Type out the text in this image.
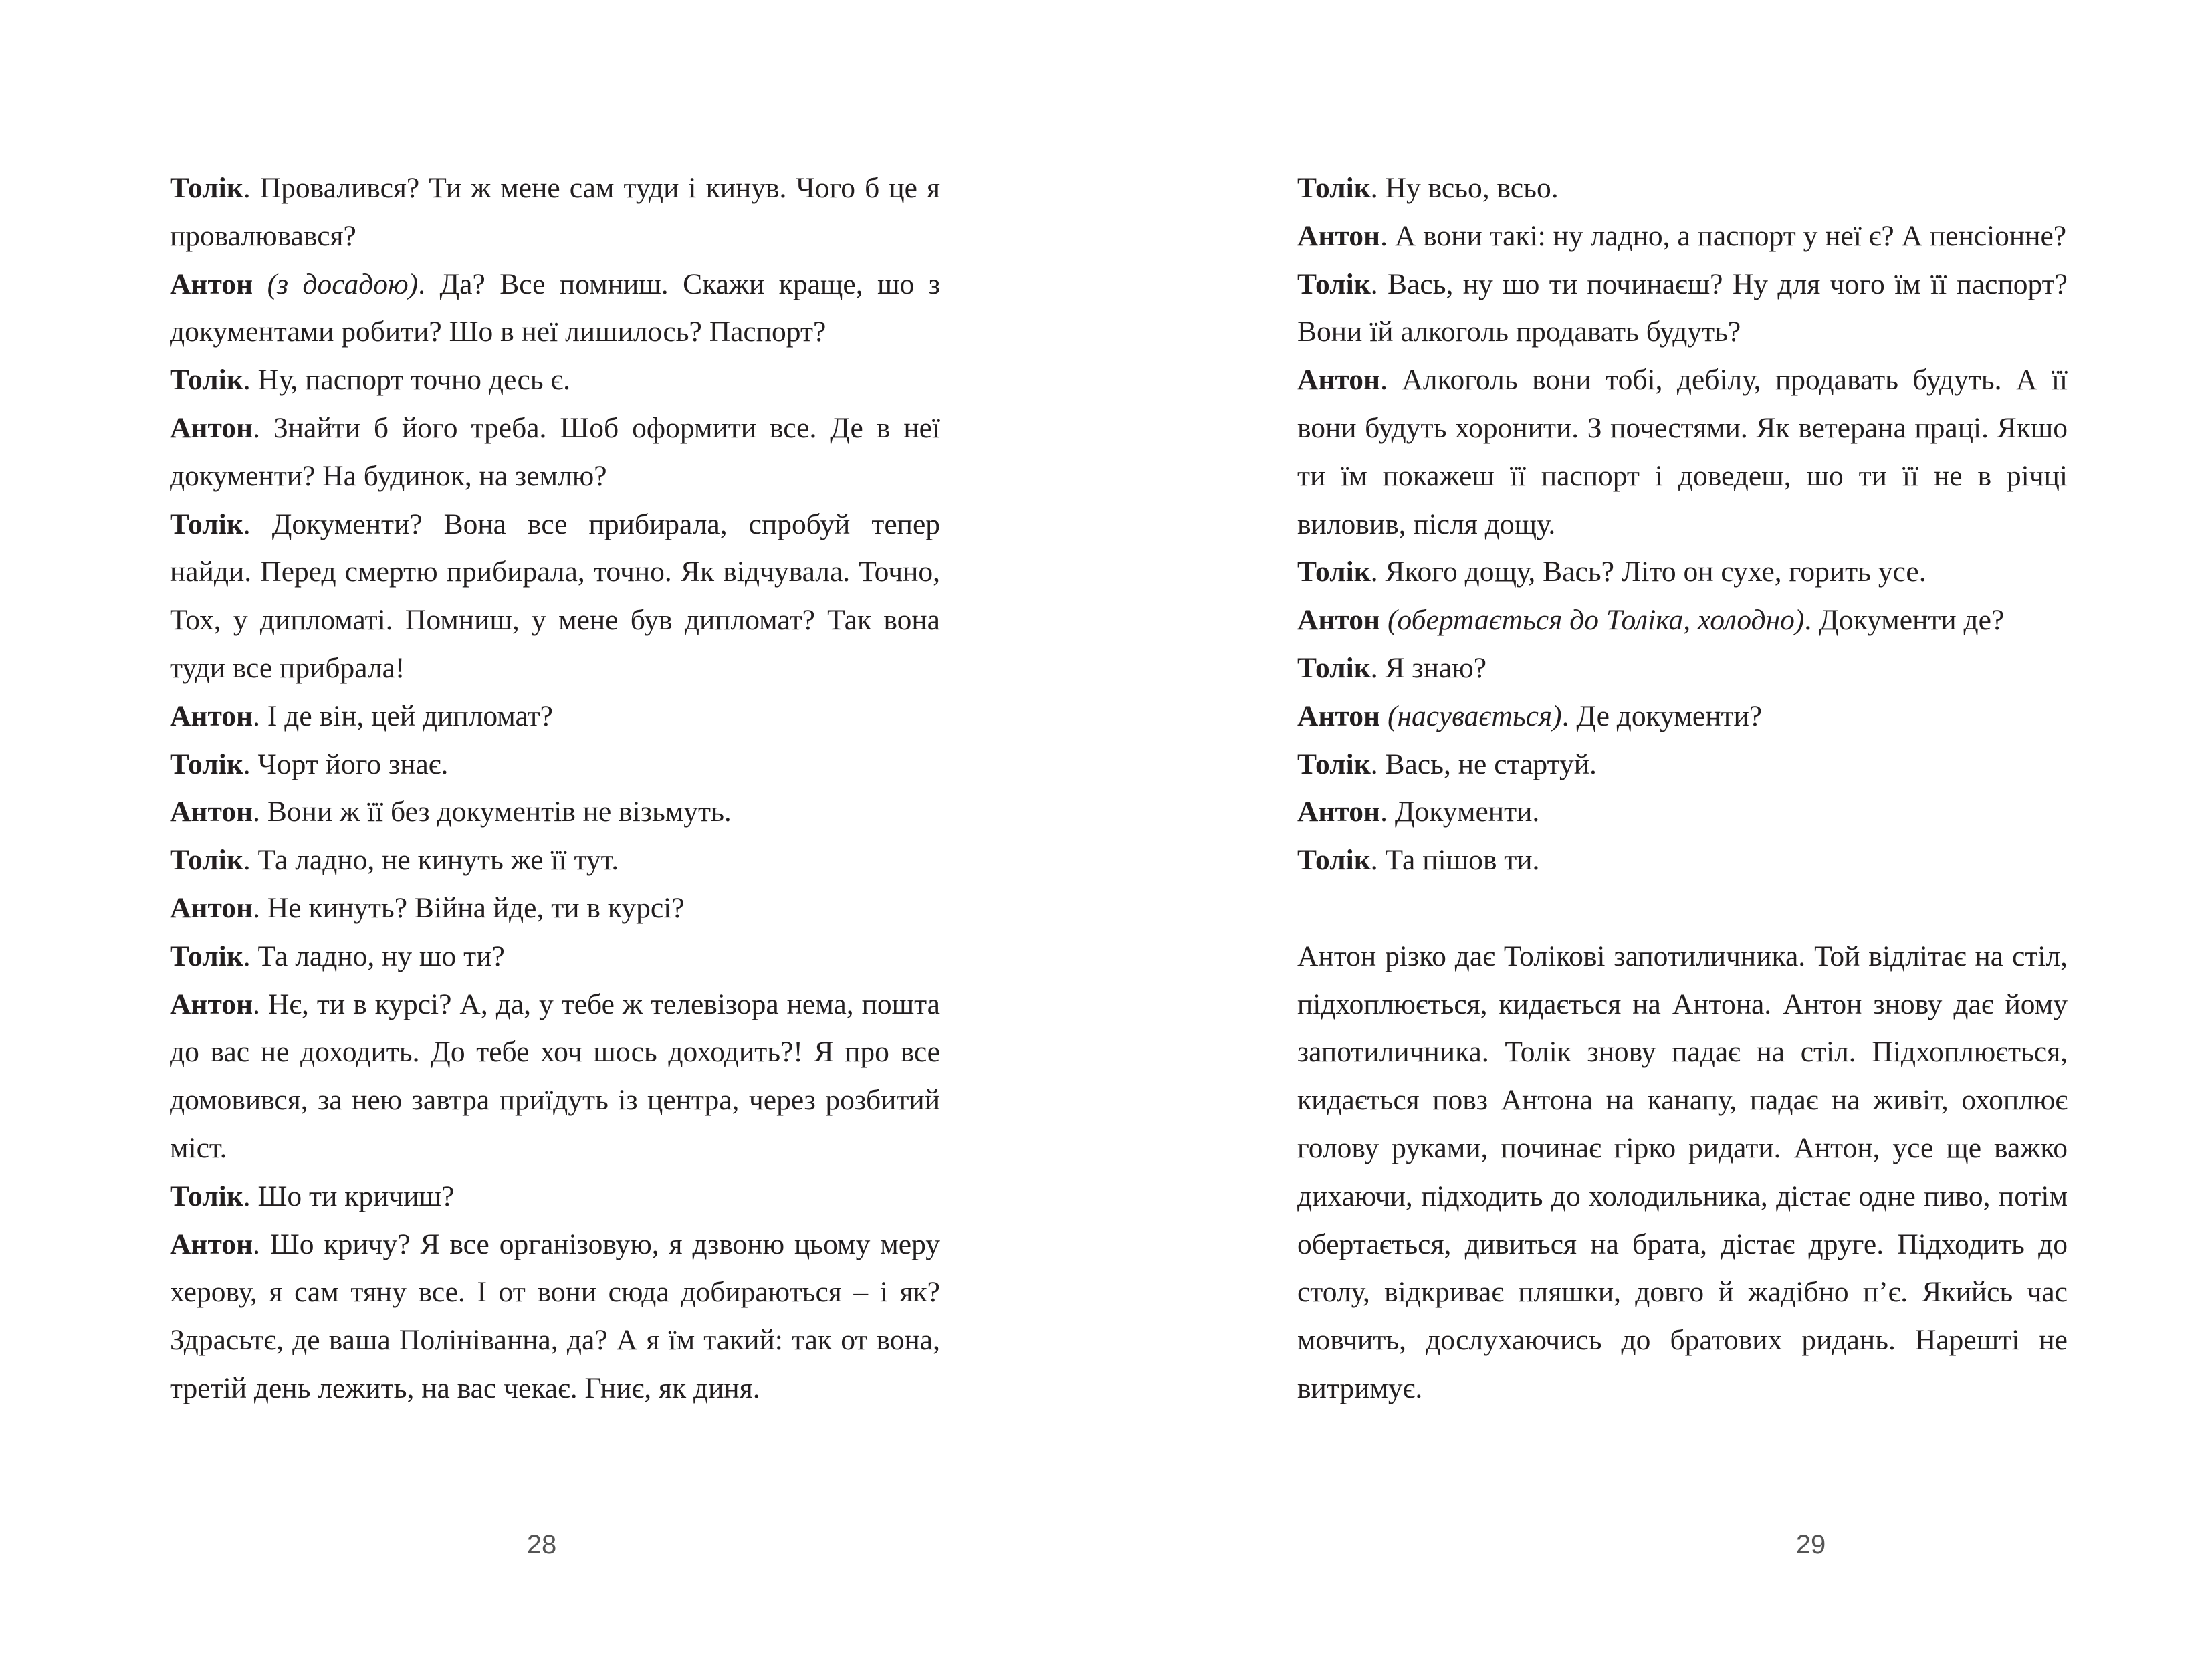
Толік. Провалився? Ти ж мене сам туди і кинув. Чого б це я провалювався?

Антон (з досадою). Да? Все помниш. Скажи краще, шо з документами робити? Шо в неї лишилось? Паспорт?

Толік. Ну, паспорт точно десь є.

Антон. Знайти б його треба. Шоб оформити все. Де в неї документи? На будинок, на землю?

Толік. Документи? Вона все прибирала, спробуй тепер найди. Перед смертю прибирала, точно. Як відчувала. Точно, Тох, у дипломаті. Помниш, у мене був дипломат? Так вона туди все прибрала!

Антон. І де він, цей дипломат?

Толік. Чорт його знає.

Антон. Вони ж її без документів не візьмуть.

Толік. Та ладно, не кинуть же її тут.

Антон. Не кинуть? Війна йде, ти в курсі?

Толік. Та ладно, ну шо ти?

Антон. Нє, ти в курсі? А, да, у тебе ж телевізора нема, пошта до вас не доходить. До тебе хоч шось доходить?! Я про все домовився, за нею завтра приїдуть із центра, через розбитий міст.

Толік. Шо ти кричиш?

Антон. Шо кричу? Я все організовую, я дзвоню цьому меру херову, я сам тяну все. І от вони сюда добираються – і як? Здрасьтє, де ваша Полініванна, да? А я їм такий: так от вона, третій день лежить, на вас чекає. Гниє, як диня.

28

Толік. Ну всьо, всьо.

Антон. А вони такі: ну ладно, а паспорт у неї є? А пенсіонне?

Толік. Вась, ну шо ти починаєш? Ну для чого їм її паспорт? Вони їй алкоголь продавать будуть?

Антон. Алкоголь вони тобі, дебілу, продавать будуть. А її вони будуть хоронити. З почестями. Як ветерана праці. Якшо ти їм покажеш її паспорт і доведеш, шо ти її не в річці виловив, після дощу.

Толік. Якого дощу, Вась? Літо он сухе, горить усе.

Антон (обертається до Толіка, холодно). Документи де?

Толік. Я знаю?

Антон (насувається). Де документи?

Толік. Вась, не стартуй.

Антон. Документи.

Толік. Та пішов ти.

Антон різко дає Толікові запотиличника. Той відлітає на стіл, підхоплюється, кидається на Антона. Антон знову дає йому запотиличника. Толік знову падає на стіл. Підхоплюється, кидається повз Антона на канапу, падає на живіт, охоплює голову руками, починає гірко ридати. Антон, усе ще важко дихаючи, підходить до холодильника, дістає одне пиво, потім обертається, дивиться на брата, дістає друге. Підходить до столу, відкриває пляшки, довго й жадібно п’є. Якийсь час мовчить, дослухаючись до братових ридань. Нарешті не витримує.

29
